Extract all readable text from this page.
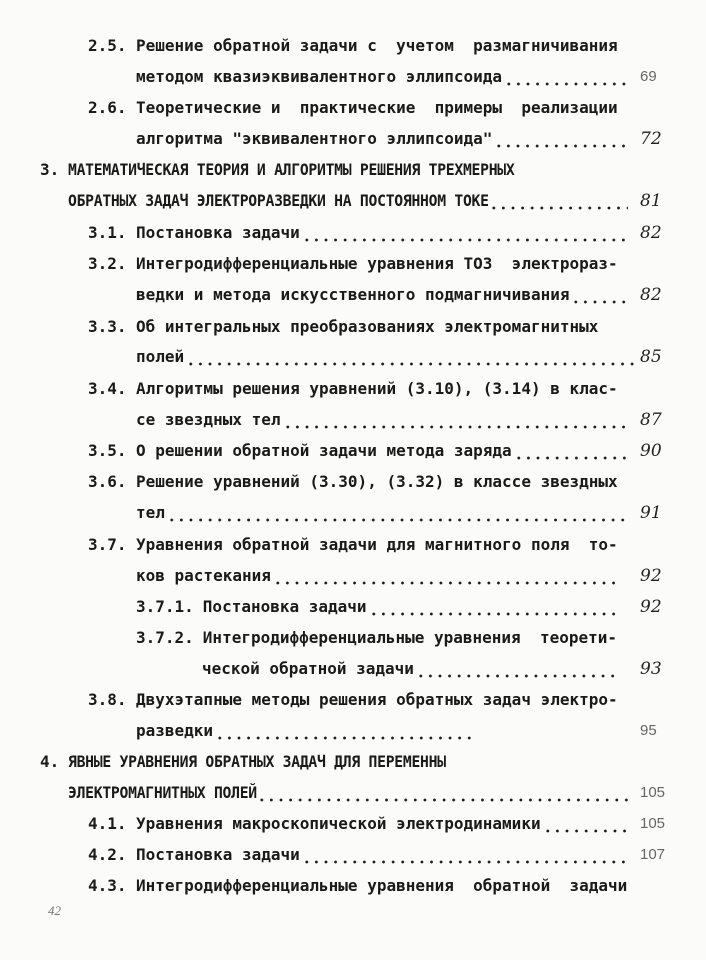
2.5. Решение обратной задачи с  учетом  размагничивания
методом квазиэквивалентного эллипсоида	69
2.6. Теоретические и  практические  примеры  реализации
алгоритма "эквивалентного эллипсоида"	72
3. МАТЕМАТИЧЕСКАЯ ТЕОРИЯ И АЛГОРИТМЫ РЕШЕНИЯ ТРЕХМЕРНЫХ
ОБРАТНЫХ ЗАДАЧ ЭЛЕКТРОРАЗВЕДКИ НА ПОСТОЯННОМ ТОКЕ	81
3.1. Постановка задачи	82
3.2. Интегродифференциальные уравнения ТОЗ  электрораз-
ведки и метода искусственного подмагничивания	82
3.3. Об интегральных преобразованиях электромагнитных
полей	85
3.4. Алгоритмы решения уравнений (3.10), (3.14) в клас-
се звездных тел	87
3.5. О решении обратной задачи метода заряда	90
3.6. Решение уравнений (3.30), (3.32) в классе звездных
тел	91
3.7. Уравнения обратной задачи для магнитного поля  то-
ков растекания	92
3.7.1. Постановка задачи	92
3.7.2. Интегродифференциальные уравнения  теорети-
ческой обратной задачи	93
3.8. Двухэтапные методы решения обратных задач электро-
разведки	95
4. ЯВНЫЕ УРАВНЕНИЯ ОБРАТНЫХ ЗАДАЧ ДЛЯ ПЕРЕМЕННЫ
ЭЛЕКТРОМАГНИТНЫХ ПОЛЕЙ	105
4.1. Уравнения макроскопической электродинамики	105
4.2. Постановка задачи	107
4.3. Интегродифференциальные уравнения  обратной  задачи
42
